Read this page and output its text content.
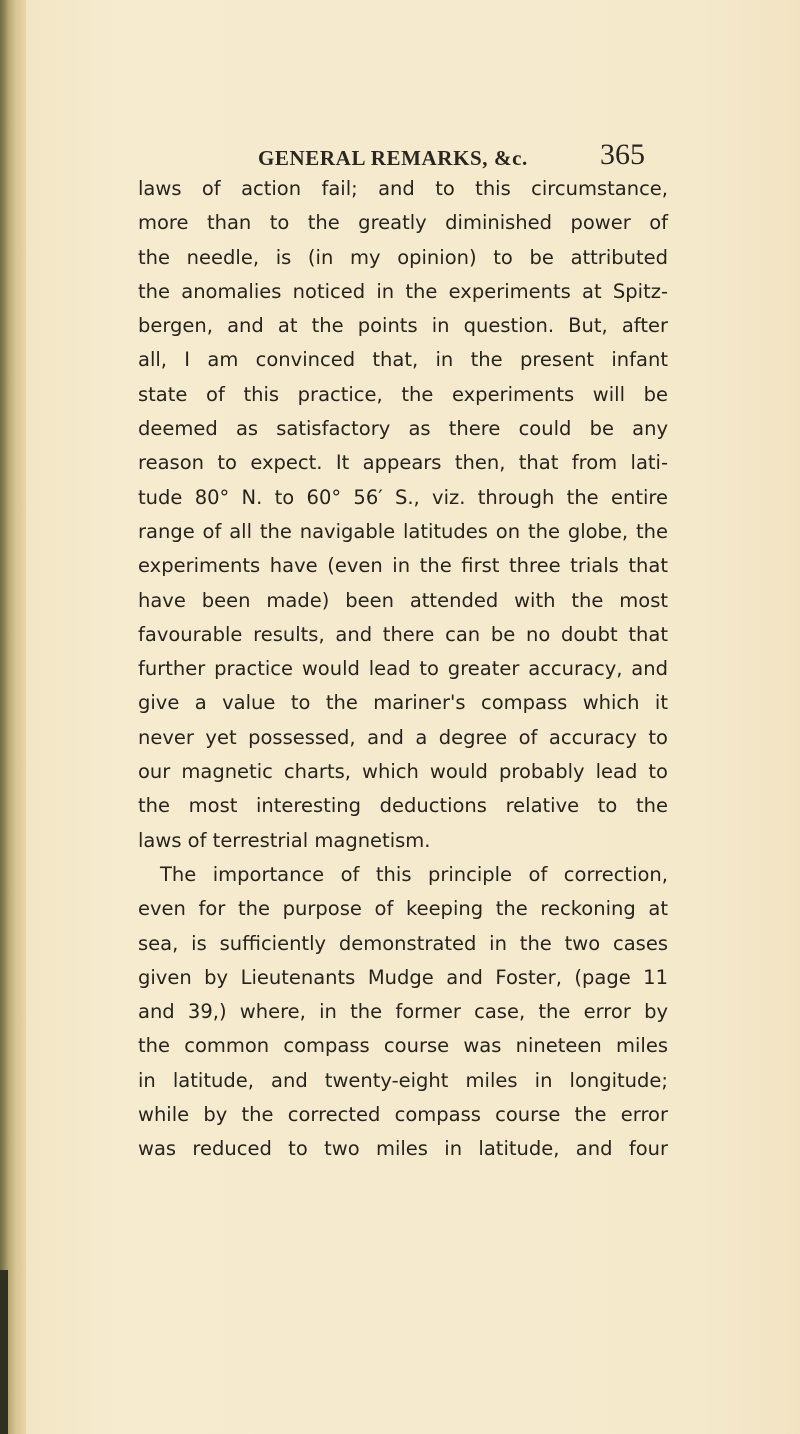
GENERAL REMARKS, &c. 365
laws of action fail; and to this circumstance,
more than to the greatly diminished power of
the needle, is (in my opinion) to be attributed
the anomalies noticed in the experiments at Spitz-
bergen, and at the points in question. But, after
all, I am convinced that, in the present infant
state of this practice, the experiments will be
deemed as satisfactory as there could be any
reason to expect. It appears then, that from lati-
tude 80° N. to 60° 56′ S., viz. through the entire
range of all the navigable latitudes on the globe, the
experiments have (even in the first three trials that
have been made) been attended with the most
favourable results, and there can be no doubt that
further practice would lead to greater accuracy, and
give a value to the mariner's compass which it
never yet possessed, and a degree of accuracy to
our magnetic charts, which would probably lead to
the most interesting deductions relative to the
laws of terrestrial magnetism.
The importance of this principle of correction,
even for the purpose of keeping the reckoning at
sea, is sufficiently demonstrated in the two cases
given by Lieutenants Mudge and Foster, (page 11
and 39,) where, in the former case, the error by
the common compass course was nineteen miles
in latitude, and twenty-eight miles in longitude;
while by the corrected compass course the error
was reduced to two miles in latitude, and four
